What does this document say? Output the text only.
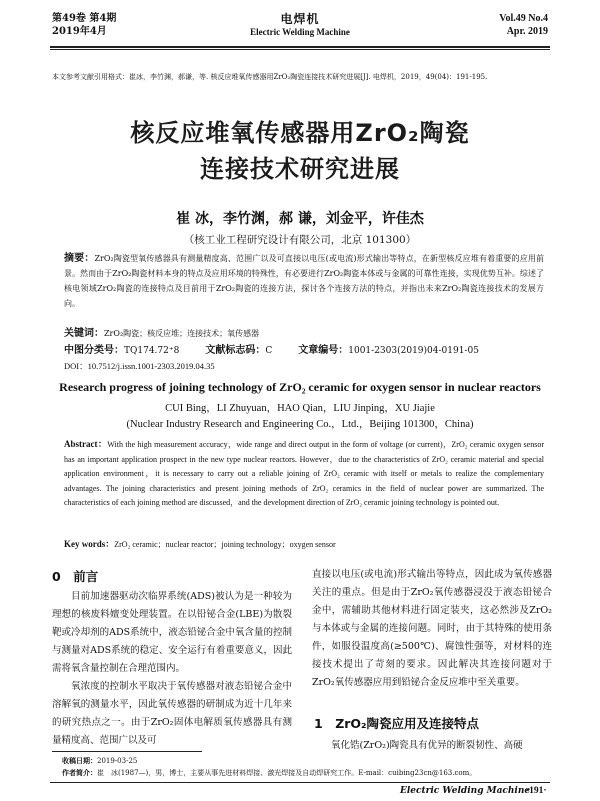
第49卷 第4期
2019年4月
电焊机
Electric Welding Machine
Vol.49 No.4
Apr. 2019
本文参考文献引用格式：崔冰，李竹渊，郝谦，等. 核反应堆氧传感器用ZrO₂陶瓷连接技术研究进展[J]. 电焊机，2019，49(04)：191-195.
核反应堆氧传感器用ZrO₂陶瓷
连接技术研究进展
崔 冰，李竹渊，郝 谦，刘金平，许佳杰
（核工业工程研究设计有限公司，北京 101300）
摘要：ZrO₂陶瓷型氧传感器具有测量精度高、范围广以及可直接以电压(或电流)形式输出等特点，在新型核反应堆有着重要的应用前景。然而由于ZrO₂陶瓷材料本身的特点及应用环境的特殊性，有必要进行ZrO₂陶瓷本体或与金属的可靠性连接，实现优势互补。综述了核电领域ZrO₂陶瓷的连接特点及目前用于ZrO₂陶瓷的连接方法，探讨各个连接方法的特点，并指出未来ZrO₂陶瓷连接技术的发展方向。
关键词：ZrO₂陶瓷；核反应堆；连接技术；氧传感器
中图分类号：TQ174.72⁺8	文献标志码：C	文章编号：1001-2303(2019)04-0191-05
DOI：10.7512/j.issn.1001-2303.2019.04.35
Research progress of joining technology of ZrO₂ ceramic for oxygen sensor in nuclear reactors
CUI Bing，LI Zhuyuan，HAO Qian，LIU Jinping，XU Jiajie
(Nuclear Industry Research and Engineering Co.，Ltd.，Beijing 101300，China)
Abstract：With the high measurement accuracy，wide range and direct output in the form of voltage (or current)，ZrO₂ ceramic oxygen sensor has an important application prospect in the new type nuclear reactors. However，due to the characteristics of ZrO₂ ceramic material and special application environment，it is necessary to carry out a reliable joining of ZrO₂ ceramic with itself or metals to realize the complementary advantages. The joining characteristics and present joining methods of ZrO₂ ceramics in the field of nuclear power are summarized. The characteristics of each joining method are discussed，and the development direction of ZrO₂ ceramic joining technology is pointed out.
Key words：ZrO₂ ceramic；nuclear reactor；joining technology；oxygen sensor
0　前言

目前加速器驱动次临界系统(ADS)被认为是一种较为理想的核废料嬗变处理装置。在以铅铋合金(LBE)为散裂靶或冷却剂的ADS系统中，液态铅铋合金中氧含量的控制与测量对ADS系统的稳定、安全运行有着重要意义，因此需将氧含量控制在合理范围内。

氧浓度的控制水平取决于氧传感器对液态铅铋合金中溶解氧的测量水平，因此氧传感器的研制成为近十几年来的研究热点之一。由于ZrO₂固体电解质氧传感器具有测量精度高、范围广以及可

直接以电压(或电流)形式输出等特点，因此成为氧传感器关注的重点。但是由于ZrO₂氧传感器浸没于液态铅铋合金中，需辅助其他材料进行固定装夹，这必然涉及ZrO₂与本体或与金属的连接问题。同时，由于其特殊的使用条件，如服役温度高(≥500℃)、腐蚀性强等，对材料的连接技术提出了苛刻的要求。因此解决其连接问题对于ZrO₂氧传感器应用到铅铋合金反应堆中至关重要。

1　ZrO₂陶瓷应用及连接特点

氧化锆(ZrO₂)陶瓷具有优异的断裂韧性、高硬

收稿日期：2019-03-25
作者简介：崔　冰(1987—)，男，博士，主要从事先进材料焊接、激光焊接及自动焊研究工作。E-mail：cuibing23cn@163.com。
Electric Welding Machine
·191·
